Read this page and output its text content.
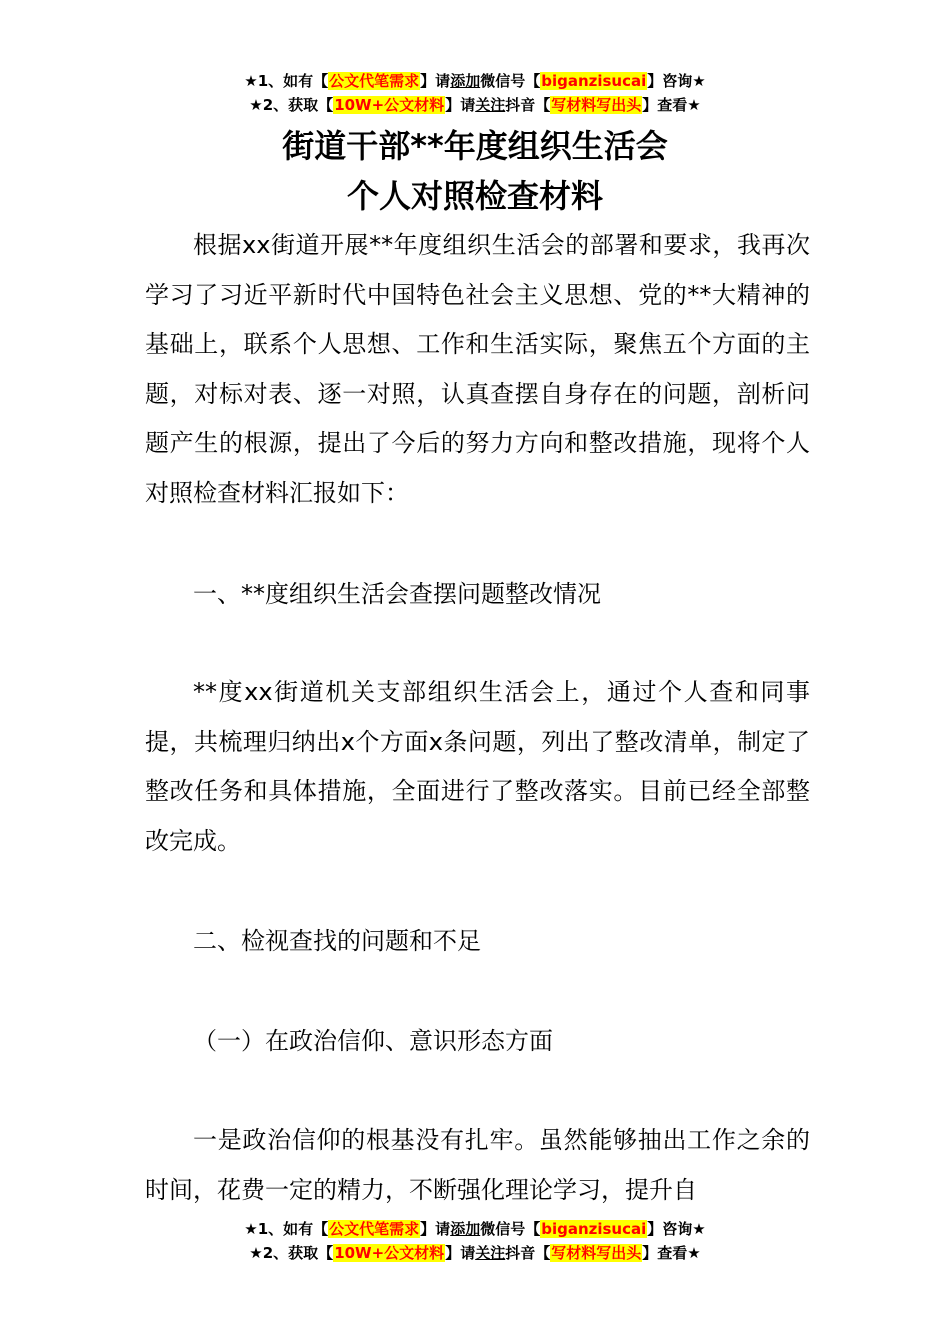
★1、如有【公文代笔需求】请添加微信号【biganzisucai】咨询★
★2、获取【10W+公文材料】请关注抖音【写材料写出头】查看★
街道干部**年度组织生活会
个人对照检查材料
根据xx街道开展**年度组织生活会的部署和要求，我再次学习了习近平新时代中国特色社会主义思想、党的**大精神的基础上，联系个人思想、工作和生活实际，聚焦五个方面的主题，对标对表、逐一对照，认真查摆自身存在的问题，剖析问题产生的根源，提出了今后的努力方向和整改措施，现将个人对照检查材料汇报如下：
一、**度组织生活会查摆问题整改情况
**度xx街道机关支部组织生活会上，通过个人查和同事提，共梳理归纳出x个方面x条问题，列出了整改清单，制定了整改任务和具体措施，全面进行了整改落实。目前已经全部整改完成。
二、检视查找的问题和不足
（一）在政治信仰、意识形态方面
一是政治信仰的根基没有扎牢。虽然能够抽出工作之余的时间，花费一定的精力，不断强化理论学习，提升自
★1、如有【公文代笔需求】请添加微信号【biganzisucai】咨询★
★2、获取【10W+公文材料】请关注抖音【写材料写出头】查看★
